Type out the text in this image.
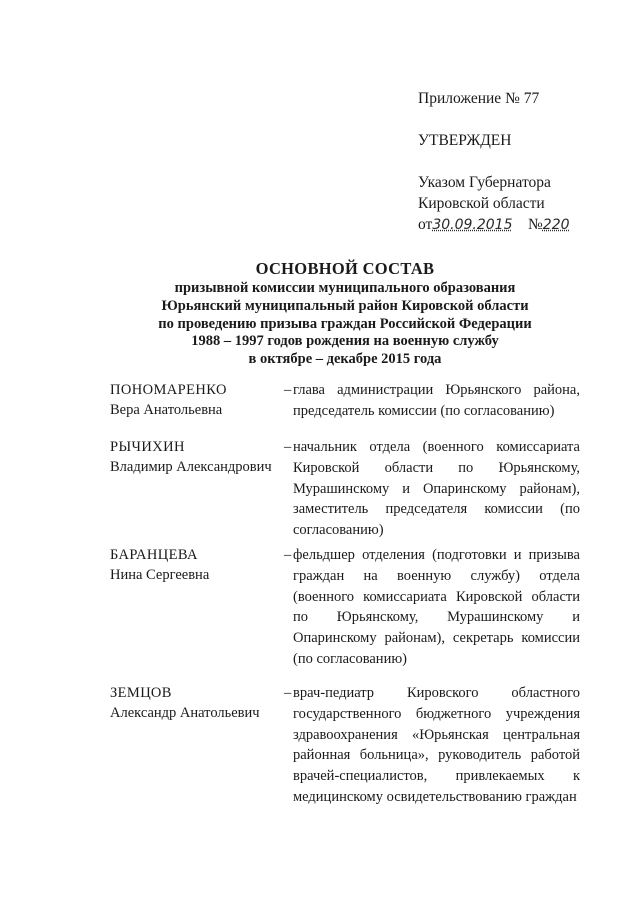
Приложение № 77
УТВЕРЖДЕН
Указом Губернатора
Кировской области
от30.09.2015 №220
ОСНОВНОЙ СОСТАВ
призывной комиссии муниципального образования
Юрьянский муниципальный район Кировской области
по проведению призыва граждан Российской Федерации
1988 – 1997 годов рождения на военную службу
в октябре – декабре 2015 года
ПОНОМАРЕНКО
Вера Анатольевна
– глава администрации Юрьянского района, председатель комиссии (по согласованию)
РЫЧИХИН
Владимир Александрович
– начальник отдела (военного комиссариата Кировской области по Юрьянскому, Мурашинскому и Опаринскому районам), заместитель председателя комиссии (по согласованию)
БАРАНЦЕВА
Нина Сергеевна
– фельдшер отделения (подготовки и призыва граждан на военную службу) отдела (военного комиссариата Кировской области по Юрьянскому, Мурашинскому и Опаринскому районам), секретарь комиссии (по согласованию)
ЗЕМЦОВ
Александр Анатольевич
– врач-педиатр Кировского областного государственного бюджетного учреждения здравоохранения «Юрьянская центральная районная больница», руководитель работой врачей-специалистов, привлекаемых к медицинскому освидетельствованию граждан
